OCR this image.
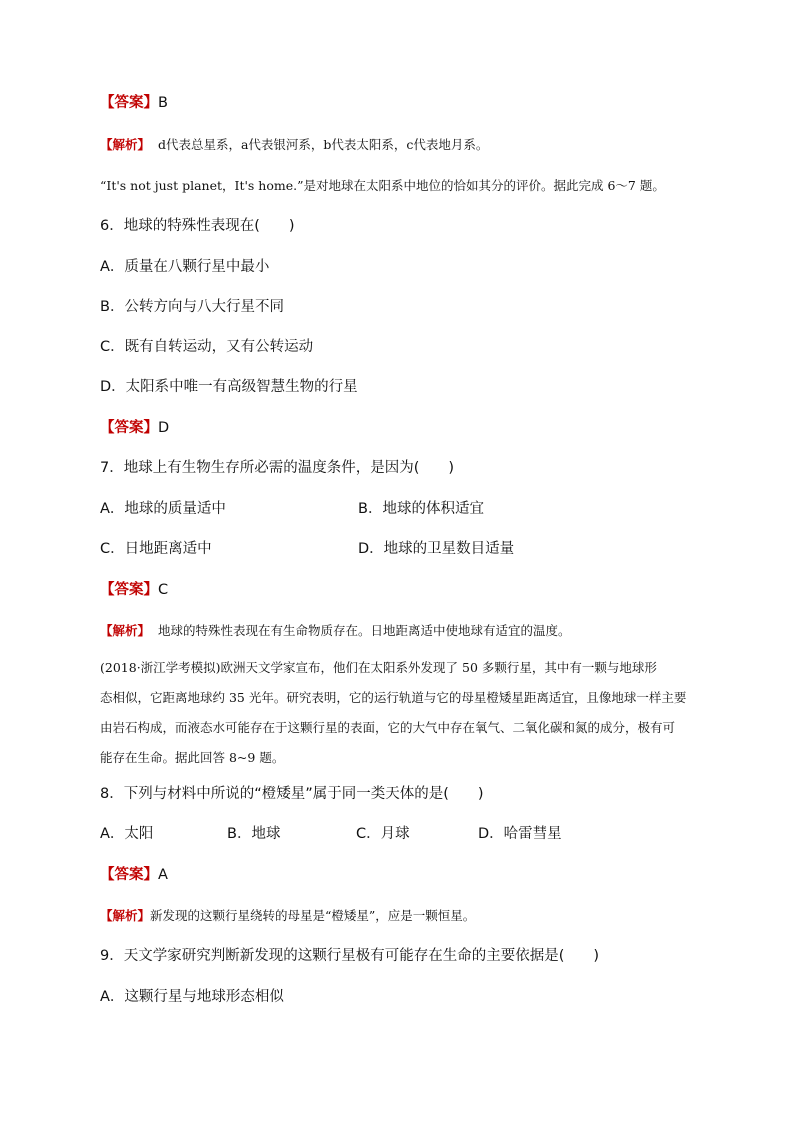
【答案】B
【解析】 d代表总星系，a代表银河系，b代表太阳系，c代表地月系。
“It's not just planet，It's home.”是对地球在太阳系中地位的恰如其分的评价。据此完成 6～7 题。
6．地球的特殊性表现在(　　)
A．质量在八颗行星中最小
B．公转方向与八大行星不同
C．既有自转运动，又有公转运动
D．太阳系中唯一有高级智慧生物的行星
【答案】D
7．地球上有生物生存所必需的温度条件，是因为(　　)
A．地球的质量适中	B．地球的体积适宜
C．日地距离适中	D．地球的卫星数目适量
【答案】C
【解析】 地球的特殊性表现在有生命物质存在。日地距离适中使地球有适宜的温度。

(2018·浙江学考模拟)欧洲天文学家宣布，他们在太阳系外发现了 50 多颗行星，其中有一颗与地球形

态相似，它距离地球约 35 光年。研究表明，它的运行轨道与它的母星橙矮星距离适宜，且像地球一样主要

由岩石构成，而液态水可能存在于这颗行星的表面，它的大气中存在氧气、二氧化碳和氮的成分，极有可

能存在生命。据此回答 8~9 题。

8．下列与材料中所说的“橙矮星”属于同一类天体的是(　　)
A．太阳	B．地球	C．月球	D．哈雷彗星
【答案】A
【解析】新发现的这颗行星绕转的母星是“橙矮星”，应是一颗恒星。
9．天文学家研究判断新发现的这颗行星极有可能存在生命的主要依据是(　　)
A．这颗行星与地球形态相似
